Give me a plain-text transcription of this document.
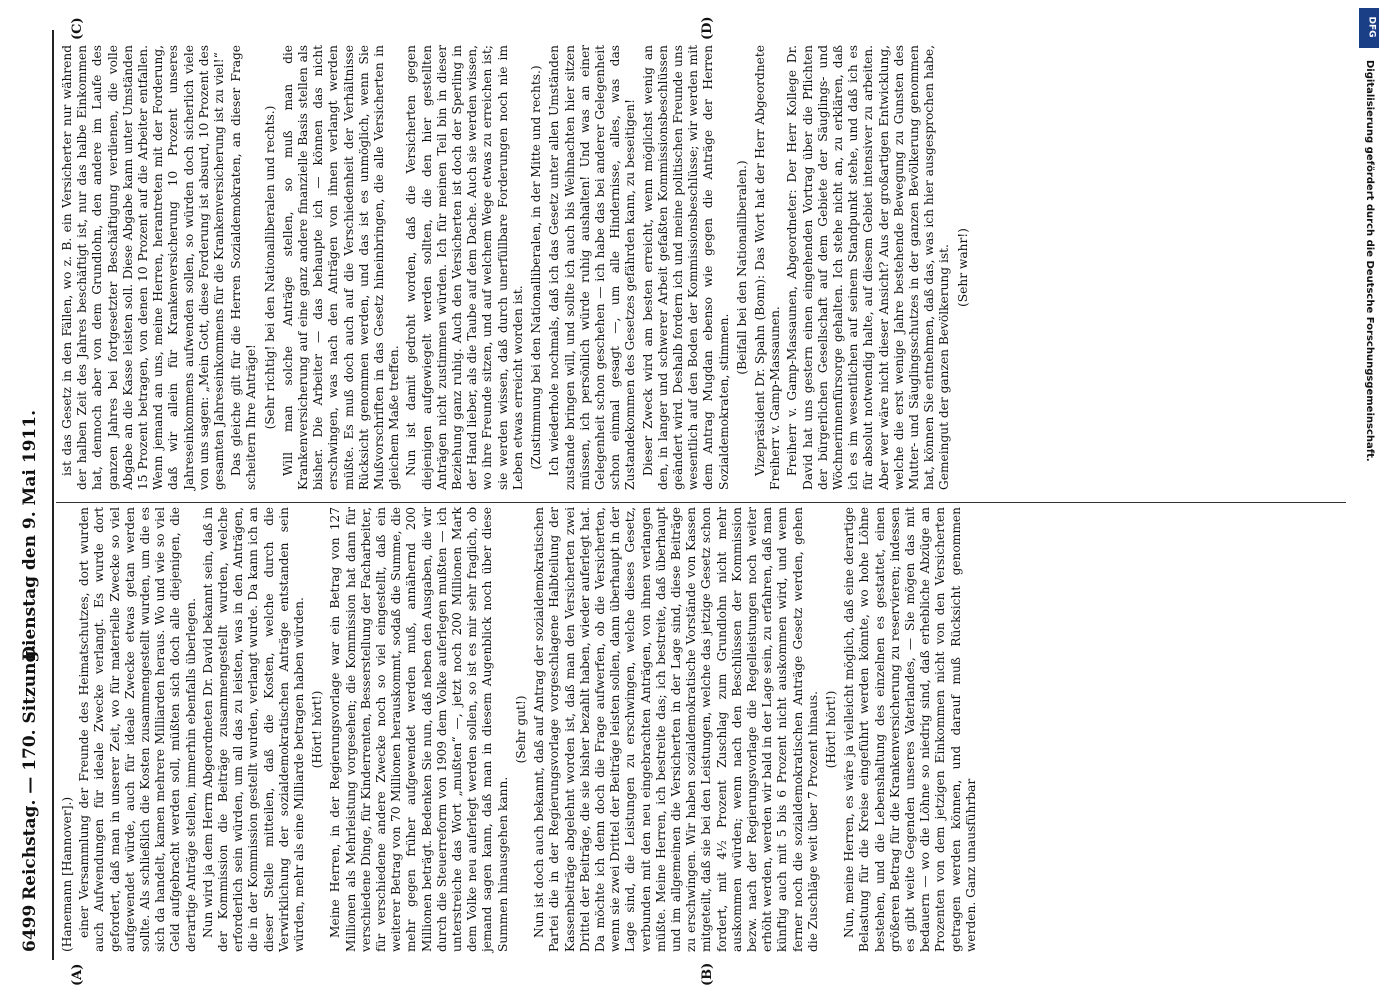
6499
Reichstag. — 170. Sitzung.
Dienstag den 9. Mai 1911.
(A)	(B)
(C)	(D)

(Hanemann [Hannover].) einer Versammlung der Freunde des Heimatschutzes, dort wurden auch Aufwendungen für ideale Zwecke verlangt. Es wurde dort gefordert, daß man in unserer Zeit, wo für materielle Zwecke so viel aufgewendet würde, auch für ideale Zwecke etwas getan werden sollte. Als schließlich die Kosten zusammengestellt wurden, um die es sich da handelt, kamen mehrere Milliarden heraus. Wo und wie so viel Geld aufgebracht werden soll, müßten sich doch alle diejenigen, die derartige Anträge stellen, immerhin ebenfalls überlegen. Nun wird ja dem Herrn Abgeordneten Dr. David bekannt sein, daß in der Kommission die Beiträge zusammengestellt wurden, welche erforderlich sein würden, um all das zu leisten, was in den Anträgen, die in der Kommission gestellt wurden, verlangt wurde. Da kann ich an dieser Stelle mitteilen, daß die Kosten, welche durch die Verwirklichung der sozialdemokratischen Anträge entstanden sein würden, mehr als eine Milliarde betragen haben würden. (Hört! hört!) Meine Herren, in der Regierungsvorlage war ein Betrag von 127 Millionen als Mehrleistung vorgesehen; die Kommission hat dann für verschiedene Dinge, für Kinderrenten, Besserstellung der Facharbeiter, für verschiedene andere Zwecke noch so viel eingestellt, daß ein weiterer Betrag von 70 Millionen herauskommt, sodaß die Summe, die mehr gegen früher aufgewendet werden muß, annähernd 200 Millionen beträgt. Bedenken Sie nun, daß neben den Ausgaben, die wir durch die Steuerreform von 1909 dem Volke auferlegen mußten — ich unterstreiche das Wort „mußten“ —, jetzt noch 200 Millionen Mark dem Volke neu auferlegt werden sollen, so ist es mir sehr fraglich, ob jemand sagen kann, daß man in diesem Augenblick noch über diese Summen hinausgehen kann.

(Sehr gut!) Nun ist doch auch bekannt, daß auf Antrag der sozialdemokratischen Partei die in der Regierungsvorlage vorgeschlagene Halbteilung der Kassenbeiträge abgelehnt worden ist, daß man den Versicherten zwei Drittel der Beiträge, die sie bisher bezahlt haben, wieder auferlegt hat. Da möchte ich denn doch die Frage aufwerfen, ob die Versicherten, wenn sie zwei Drittel der Beiträge leisten sollen, dann überhaupt in der Lage sind, die Leistungen zu erschwingen, welche dieses Gesetz, verbunden mit den neu eingebrachten Anträgen, von ihnen verlangen müßte. Meine Herren, ich bestreite das; ich bestreite, daß überhaupt und im allgemeinen die Versicherten in der Lage sind, diese Beiträge zu erschwingen. Wir haben sozialdemokratische Vorstände von Kassen mitgeteilt, daß sie bei den Leistungen, welche das jetzige Gesetz schon fordert, mit 4½ Prozent Zuschlag zum Grundlohn nicht mehr auskommen würden; wenn nach den Beschlüssen der Kommission bezw. nach der Regierungsvorlage die Regelleistungen noch weiter erhöht werden, werden wir bald in der Lage sein, zu erfahren, daß man künftig auch mit 5 bis 6 Prozent nicht auskommen wird, und wenn ferner noch die sozialdemokratischen Anträge Gesetz werden, gehen die Zuschläge weit über 7 Prozent hinaus. (Hört! hört!) Nun, meine Herren, es wäre ja vielleicht möglich, daß eine derartige Belastung für die Kreise eingeführt werden könnte, wo hohe Löhne bestehen, und die Lebenshaltung des einzelnen es gestattet, einen größeren Betrag für die Krankenversicherung zu reservieren; indessen es gibt weite Gegenden unseres Vaterlandes, — Sie mögen das mit bedauern — wo die Löhne so niedrig sind, daß erhebliche Abzüge an Prozenten von dem jetzigen Einkommen nicht von den Versicherten getragen werden können, und darauf muß Rücksicht genommen werden. Ganz unausführbar

ist das Gesetz in den Fällen, wo z. B. ein Versicherter nur während der halben Zeit des Jahres beschäftigt ist, nur das halbe Einkommen hat, dennoch aber von dem Grundlohn, den andere im Laufe des ganzen Jahres bei fortgesetzter Beschäftigung verdienen, die volle Abgabe an die Kasse leisten soll. Diese Abgabe kann unter Umständen 15 Prozent betragen, von denen 10 Prozent auf die Arbeiter entfallen. Wenn jemand an uns, meine Herren, herantreten mit der Forderung, daß wir allein für Krankenversicherung 10 Prozent unseres Jahreseinkommens aufwenden sollen, so würden doch sicherlich viele von uns sagen: „Mein Gott, diese Forderung ist absurd, 10 Prozent des gesamten Jahreseinkommens für die Krankenversicherung ist zu viel!“ Das gleiche gilt für die Herren Sozialdemokraten, an dieser Frage scheitern Ihre Anträge! (Sehr richtig! bei den Nationalliberalen und rechts.) Will man solche Anträge stellen, so muß man die Krankenversicherung auf eine ganz andere finanzielle Basis stellen als bisher. Die Arbeiter — das behaupte ich — können das nicht erschwingen, was nach den Anträgen von ihnen verlangt werden müßte. Es muß doch auch auf die Verschiedenheit der Verhältnisse Rücksicht genommen werden, und das ist es unmöglich, wenn Sie Mußvorschriften in das Gesetz hineinbringen, die alle Versicherten in gleichem Maße treffen. Nun ist damit gedroht worden, daß die Versicherten gegen diejenigen aufgewiegelt werden sollten, die den hier gestellten Anträgen nicht zustimmen würden. Ich für meinen Teil bin in dieser Beziehung ganz ruhig. Auch den Versicherten ist doch der Sperling in der Hand lieber, als die Taube auf dem Dache. Auch sie werden wissen, wo ihre Freunde sitzen, und auf welchem Wege etwas zu erreichen ist; sie werden wissen, daß durch unerfüllbare Forderungen noch nie im Leben etwas erreicht worden ist. (Zustimmung bei den Nationalliberalen, in der Mitte und rechts.) Ich wiederhole nochmals, daß ich das Gesetz unter allen Umständen zustande bringen will, und sollte ich auch bis Weihnachten hier sitzen müssen, ich persönlich würde ruhig aushalten! Und was an einer Gelegenheit schon geschehen — ich habe das bei anderer Gelegenheit schon einmal gesagt —, um alle Hindernisse, alles, was das Zustandekommen des Gesetzes gefährden kann, zu beseitigen! Dieser Zweck wird am besten erreicht, wenn möglichst wenig an den, in langer und schwerer Arbeit gefaßten Kommissionsbeschlüssen geändert wird. Deshalb fordern ich und meine politischen Freunde uns wesentlich auf den Boden der Kommissionsbeschlüsse; wir werden mit dem Antrag Mugdan ebenso wie gegen die Anträge der Herren Sozialdemokraten, stimmen.

(Beifall bei den Nationalliberalen.) Vizepräsident Dr. Spahn (Bonn): Das Wort hat der Herr Abgeordnete Freiherr v. Gamp-Massaunen. Freiherr v. Gamp-Massaunen, Abgeordneter: Der Herr Kollege Dr. David hat uns gestern einen eingehenden Vortrag über die Pflichten der bürgerlichen Gesellschaft auf dem Gebiete der Säuglings- und Wöchnerinnenfürsorge gehalten. Ich stehe nicht an, zu erklären, daß ich es im wesentlichen auf seinem Standpunkt stehe, und daß ich es für absolut notwendig halte, auf diesem Gebiet intensiver zu arbeiten. Aber wer wäre nicht dieser Ansicht? Aus der großartigen Entwicklung, welche die erst wenige Jahre bestehende Bewegung zu Gunsten des Mutter- und Säuglingsschutzes in der ganzen Bevölkerung genommen hat, können Sie entnehmen, daß das, was ich hier ausgesprochen habe, Gemeingut der ganzen Bevölkerung ist. (Sehr wahr!)

DFG
Digitalisierung gefördert durch die Deutsche Forschungsgemeinschaft.
